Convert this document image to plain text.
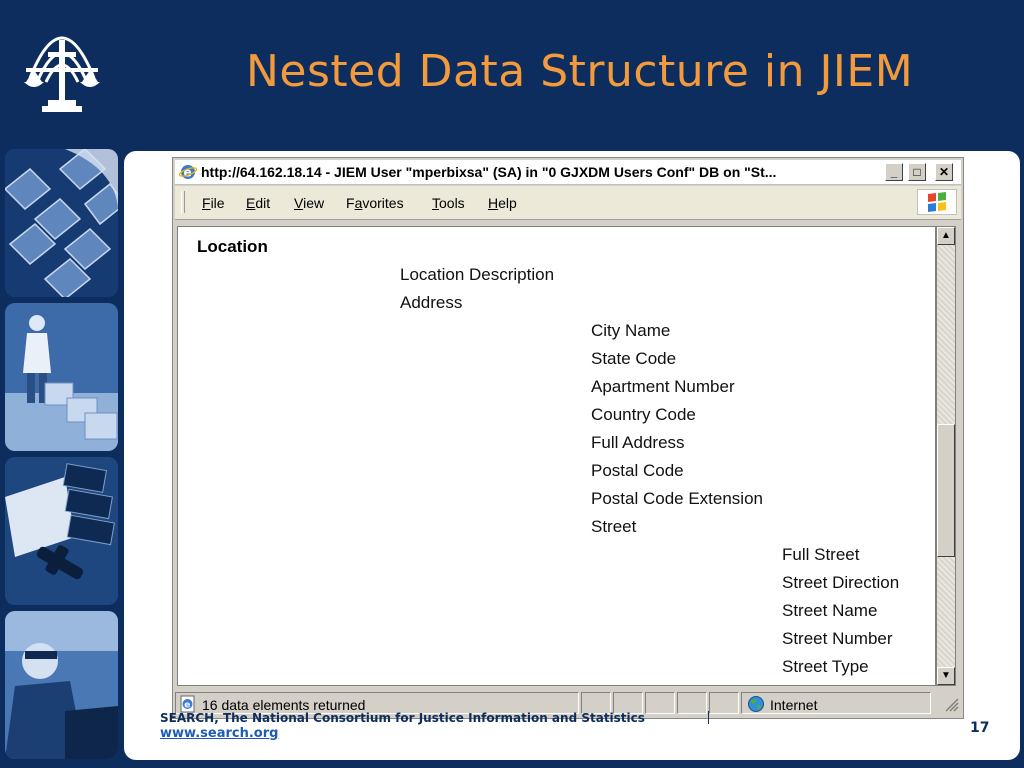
Nested Data Structure in JIEM
e http://64.162.18.14 - JIEM User "mperbixsa" (SA) in "0 GJXDM Users Conf" DB on "St...	_	□	✕
File Edit View Favorites Tools Help
Location
Location Description
Address
City Name
State Code
Apartment Number
Country Code
Full Address
Postal Code
Postal Code Extension
Street
Full Street
Street Direction
Street Name
Street Number
Street Type
▲
▼
e 16 data elements returned	Internet
SEARCH, The National Consortium for Justice Information and Statistics
www.search.org	17
